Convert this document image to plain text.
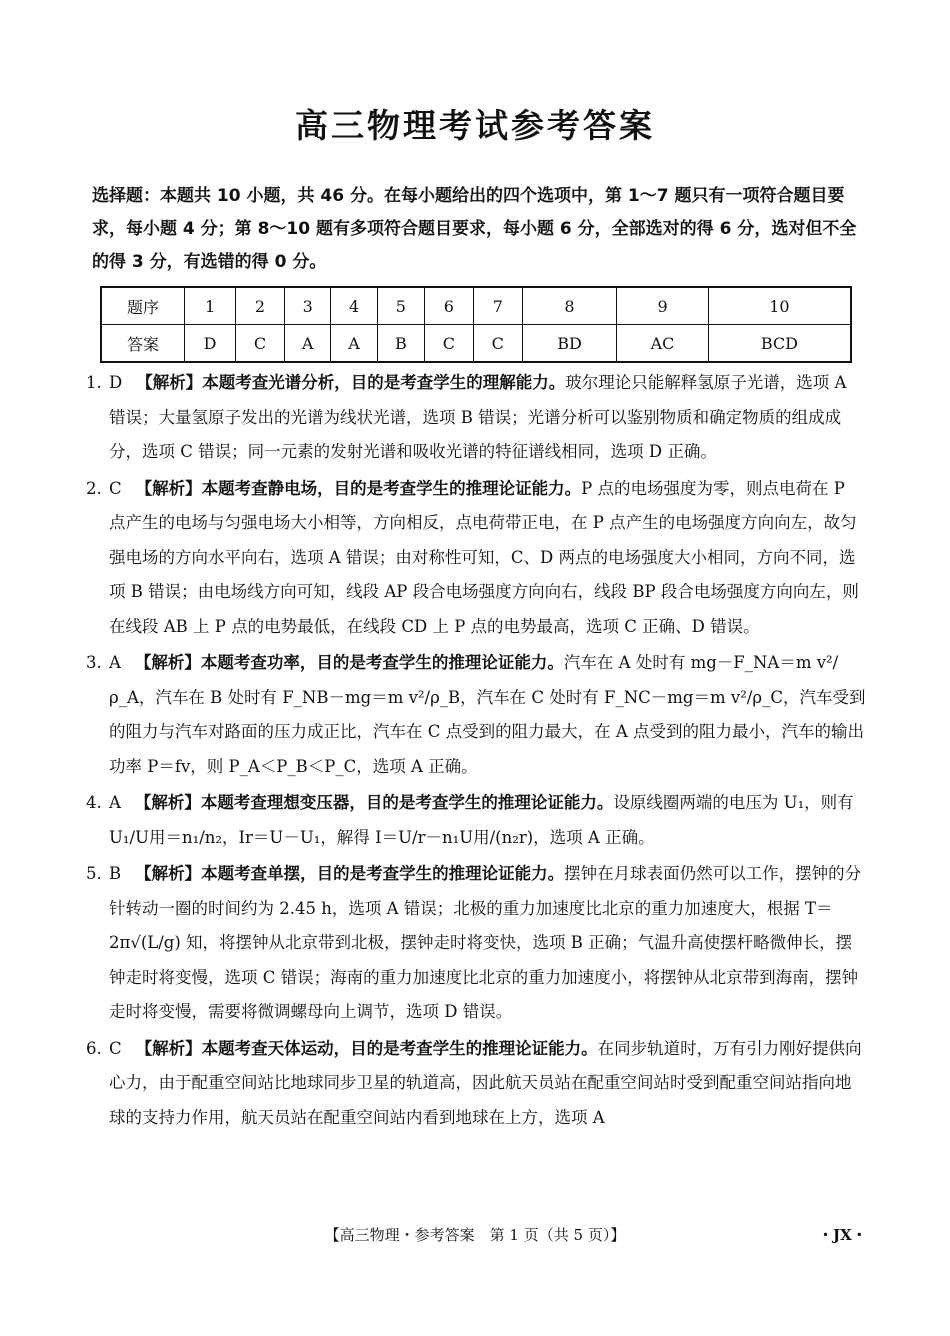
高三物理考试参考答案

选择题：本题共 10 小题，共 46 分。在每小题给出的四个选项中，第 1～7 题只有一项符合题目要求，每小题 4 分；第 8～10 题有多项符合题目要求，每小题 6 分，全部选对的得 6 分，选对但不全的得 3 分，有选错的得 0 分。

题序	1	2	3	4	5	6	7	8	9	10
答案	D	C	A	A	B	C	C	BD	AC	BCD
1. D 【解析】本题考查光谱分析，目的是考查学生的理解能力。玻尔理论只能解释氢原子光谱，选项 A 错误；大量氢原子发出的光谱为线状光谱，选项 B 错误；光谱分析可以鉴别物质和确定物质的组成成分，选项 C 错误；同一元素的发射光谱和吸收光谱的特征谱线相同，选项 D 正确。
2. C 【解析】本题考查静电场，目的是考查学生的推理论证能力。P 点的电场强度为零，则点电荷在 P 点产生的电场与匀强电场大小相等，方向相反，点电荷带正电，在 P 点产生的电场强度方向向左，故匀强电场的方向水平向右，选项 A 错误；由对称性可知，C、D 两点的电场强度大小相同，方向不同，选项 B 错误；由电场线方向可知，线段 AP 段合电场强度方向向右，线段 BP 段合电场强度方向向左，则在线段 AB 上 P 点的电势最低，在线段 CD 上 P 点的电势最高，选项 C 正确、D 错误。
3. A 【解析】本题考查功率，目的是考查学生的推理论证能力。汽车在 A 处时有 mg－F_NA＝m v²/ρ_A，汽车在 B 处时有 F_NB－mg＝m v²/ρ_B，汽车在 C 处时有 F_NC－mg＝m v²/ρ_C，汽车受到的阻力与汽车对路面的压力成正比，汽车在 C 点受到的阻力最大，在 A 点受到的阻力最小，汽车的输出功率 P＝fv，则 P_A＜P_B＜P_C，选项 A 正确。
4. A 【解析】本题考查理想变压器，目的是考查学生的推理论证能力。设原线圈两端的电压为 U₁，则有 U₁/U用＝n₁/n₂，Ir＝U－U₁，解得 I＝U/r－n₁U用/(n₂r)，选项 A 正确。
5. B 【解析】本题考查单摆，目的是考查学生的推理论证能力。摆钟在月球表面仍然可以工作，摆钟的分针转动一圈的时间约为 2.45 h，选项 A 错误；北极的重力加速度比北京的重力加速度大，根据 T＝2π√(L/g) 知，将摆钟从北京带到北极，摆钟走时将变快，选项 B 正确；气温升高使摆杆略微伸长，摆钟走时将变慢，选项 C 错误；海南的重力加速度比北京的重力加速度小，将摆钟从北京带到海南，摆钟走时将变慢，需要将微调螺母向上调节，选项 D 错误。
6. C 【解析】本题考查天体运动，目的是考查学生的推理论证能力。在同步轨道时，万有引力刚好提供向心力，由于配重空间站比地球同步卫星的轨道高，因此航天员站在配重空间站时受到配重空间站指向地球的支持力作用，航天员站在配重空间站内看到地球在上方，选项 A
【高三物理・参考答案　第 1 页（共 5 页）】	・JX・
